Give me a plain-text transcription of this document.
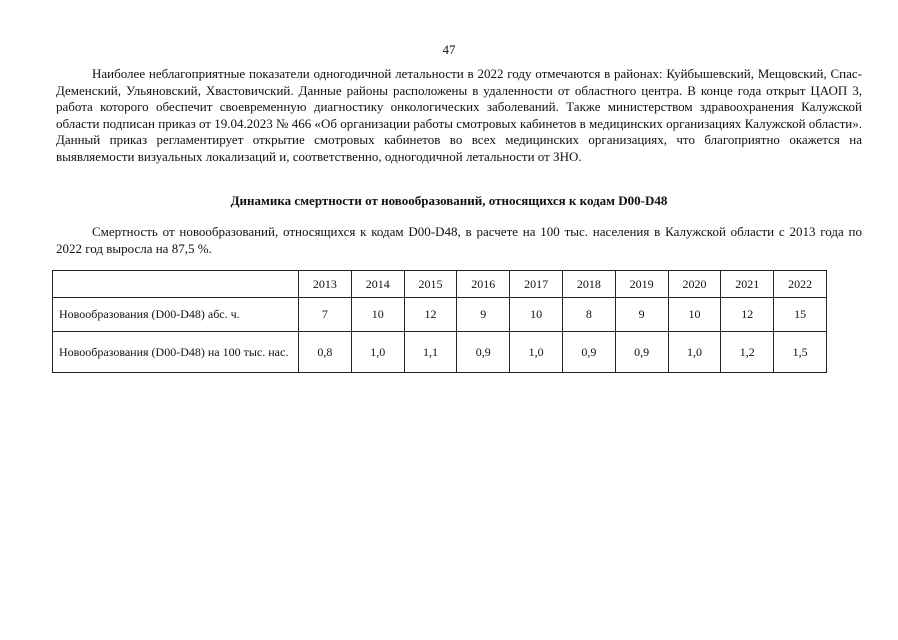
47

Наиболее неблагоприятные показатели одногодичной летальности в 2022 году отмечаются в районах: Куйбышевский, Мещовский, Спас-Деменский, Ульяновский, Хвастовичский. Данные районы расположены в удаленности от областного центра. В конце года открыт ЦАОП 3, работа которого обеспечит своевременную диагностику онкологических заболеваний. Также министерством здравоохранения Калужской области подписан приказ от 19.04.2023 № 466 «Об организации работы смотровых кабинетов в медицинских организациях Калужской области». Данный приказ регламентирует открытие смотровых кабинетов во всех медицинских организациях, что благоприятно окажется на выявляемости визуальных локализаций и, соответственно, одногодичной летальности от ЗНО.

Динамика смертности от новообразований, относящихся к кодам D00-D48

Смертность от новообразований, относящихся к кодам D00-D48, в расчете на 100 тыс. населения в Калужской области с 2013 года по 2022 год выросла на 87,5 %.

	2013	2014	2015	2016	2017	2018	2019	2020	2021	2022
Новообразования (D00-D48) абс. ч.	7	10	12	9	10	8	9	10	12	15
Новообразования (D00-D48) на 100 тыс. нас.	0,8	1,0	1,1	0,9	1,0	0,9	0,9	1,0	1,2	1,5
